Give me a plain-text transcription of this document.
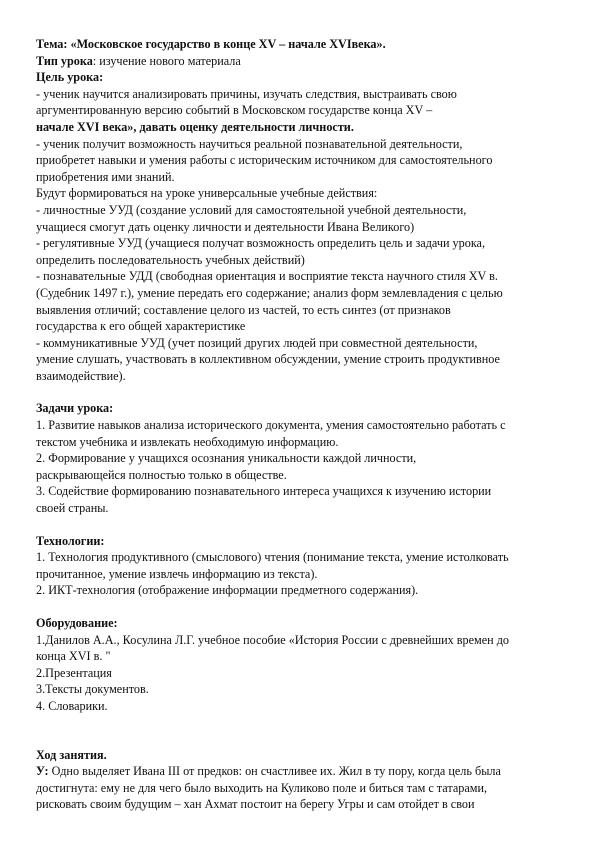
Тема: «Московское государство в конце XV – начале XVIвека».
Тип урока: изучение нового материала
Цель урока:
- ученик научится анализировать причины, изучать следствия, выстраивать свою
аргументированную версию событий в Московском государстве конца XV –
начале XVI века», давать оценку деятельности личности.
- ученик получит возможность научиться реальной познавательной деятельности,
приобретет навыки и умения работы с историческим источником для самостоятельного
приобретения ими знаний.
Будут формироваться на уроке универсальные учебные действия:
- личностные УУД (создание условий для самостоятельной учебной деятельности,
учащиеся смогут дать оценку личности и деятельности Ивана Великого)
- регулятивные УУД (учащиеся получат возможность определить цель и задачи урока,
определить последовательность учебных действий)
- познавательные УДД (свободная ориентация и восприятие текста научного стиля XV в.
(Судебник 1497 г.), умение передать его содержание; анализ форм землевладения с целью
выявления отличий; составление целого из частей, то есть синтез (от признаков
государства к его общей характеристике
- коммуникативные УУД (учет позиций других людей при совместной деятельности,
умение слушать, участвовать в коллективном обсуждении, умение строить продуктивное
взаимодействие).
Задачи урока:
1. Развитие навыков анализа исторического документа, умения самостоятельно работать с
текстом учебника и извлекать необходимую информацию.
2. Формирование у учащихся осознания уникальности каждой личности,
раскрывающейся полностью только в обществе.
3. Содействие формированию познавательного интереса учащихся к изучению истории
своей страны.
Технологии:
1. Технология продуктивного (смыслового) чтения (понимание текста, умение истолковать
прочитанное, умение извлечь информацию из текста).
2. ИКТ-технология (отображение информации предметного содержания).
Оборудование:
1.Данилов А.А., Косулина Л.Г. учебное пособие «История России с древнейших времен до
конца XVI в. "
2.Презентация
3.Тексты документов.
4. Словарики.
Ход занятия.
У: Одно выделяет Ивана III от предков: он счастливее их. Жил в ту пору, когда цель была
достигнута: ему не для чего было выходить на Куликово поле и биться там с татарами,
рисковать своим будущим – хан Ахмат постоит на берегу Угры и сам отойдет в свои
